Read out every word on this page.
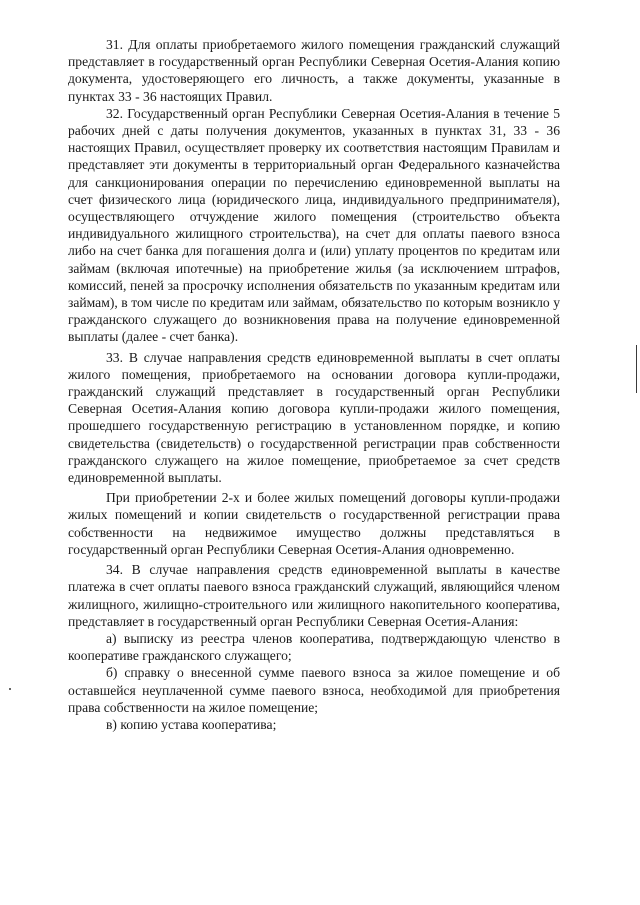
31. Для оплаты приобретаемого жилого помещения гражданский служащий представляет в государственный орган Республики Северная Осетия-Алания копию документа, удостоверяющего его личность, а также документы, указанные в пунктах 33 - 36 настоящих Правил.

32. Государственный орган Республики Северная Осетия-Алания в течение 5 рабочих дней с даты получения документов, указанных в пунктах 31, 33 - 36 настоящих Правил, осуществляет проверку их соответствия настоящим Правилам и представляет эти документы в территориальный орган Федерального казначейства для санкционирования операции по перечислению единовременной выплаты на счет физического лица (юридического лица, индивидуального предпринимателя), осуществляющего отчуждение жилого помещения (строительство объекта индивидуального жилищного строительства), на счет для оплаты паевого взноса либо на счет банка для погашения долга и (или) уплату процентов по кредитам или займам (включая ипотечные) на приобретение жилья (за исключением штрафов, комиссий, пеней за просрочку исполнения обязательств по указанным кредитам или займам), в том числе по кредитам или займам, обязательство по которым возникло у гражданского служащего до возникновения права на получение единовременной выплаты (далее - счет банка).

33. В случае направления средств единовременной выплаты в счет оплаты жилого помещения, приобретаемого на основании договора купли-продажи, гражданский служащий представляет в государственный орган Республики Северная Осетия-Алания копию договора купли-продажи жилого помещения, прошедшего государственную регистрацию в установленном порядке, и копию свидетельства (свидетельств) о государственной регистрации прав собственности гражданского служащего на жилое помещение, приобретаемое за счет средств единовременной выплаты.

При приобретении 2-х и более жилых помещений договоры купли-продажи жилых помещений и копии свидетельств о государственной регистрации права собственности на недвижимое имущество должны представляться в государственный орган Республики Северная Осетия-Алания одновременно.

34. В случае направления средств единовременной выплаты в качестве платежа в счет оплаты паевого взноса гражданский служащий, являющийся членом жилищного, жилищно-строительного или жилищного накопительного кооператива, представляет в государственный орган Республики Северная Осетия-Алания:

а) выписку из реестра членов кооператива, подтверждающую членство в кооперативе гражданского служащего;

б) справку о внесенной сумме паевого взноса за жилое помещение и об оставшейся неуплаченной сумме паевого взноса, необходимой для приобретения права собственности на жилое помещение;

в) копию устава кооператива;
